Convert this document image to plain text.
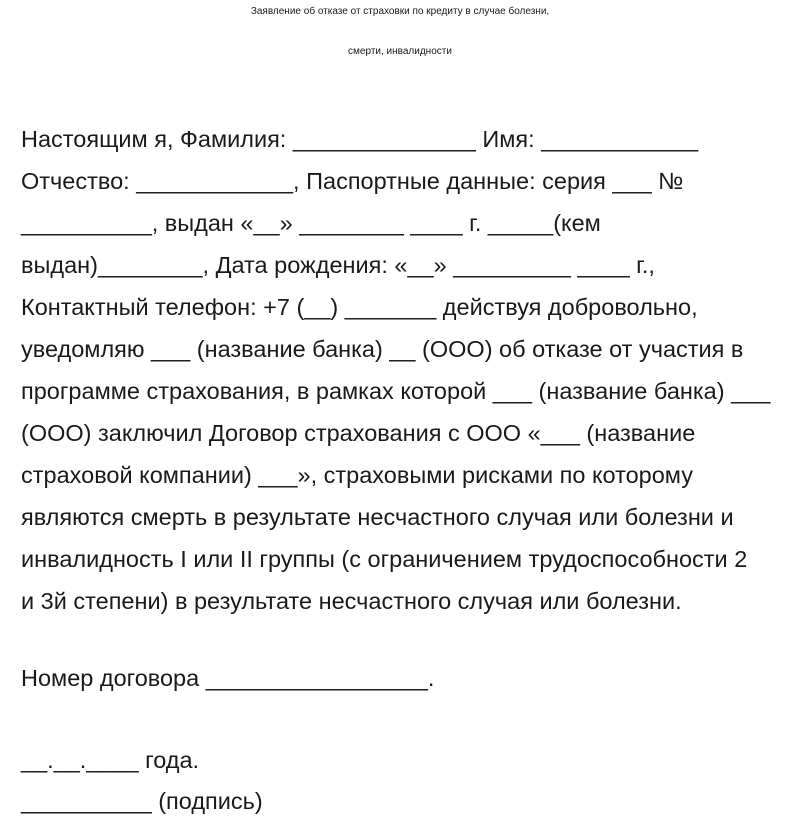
Заявление об отказе от страховки по кредиту в случае болезни,
смерти, инвалидности
Настоящим я, Фамилия: ______________ Имя: ____________
Отчество: ____________, Паспортные данные: серия ___ №
__________, выдан «__» ________ ____ г. _____(кем
выдан)________, Дата рождения: «__» _________ ____ г.,
Контактный телефон: +7 (__) _______ действуя добровольно,
уведомляю ___ (название банка) __ (ООО) об отказе от участия в
программе страхования, в рамках которой ___ (название банка) ___
(ООО) заключил Договор страхования с ООО «___ (название
страховой компании) ___», страховыми рисками по которому
являются смерть в результате несчастного случая или болезни и
инвалидность I или II группы (с ограничением трудоспособности 2
и 3й степени) в результате несчастного случая или болезни.
Номер договора _________________.
__.__.____ года.
__________ (подпись)
